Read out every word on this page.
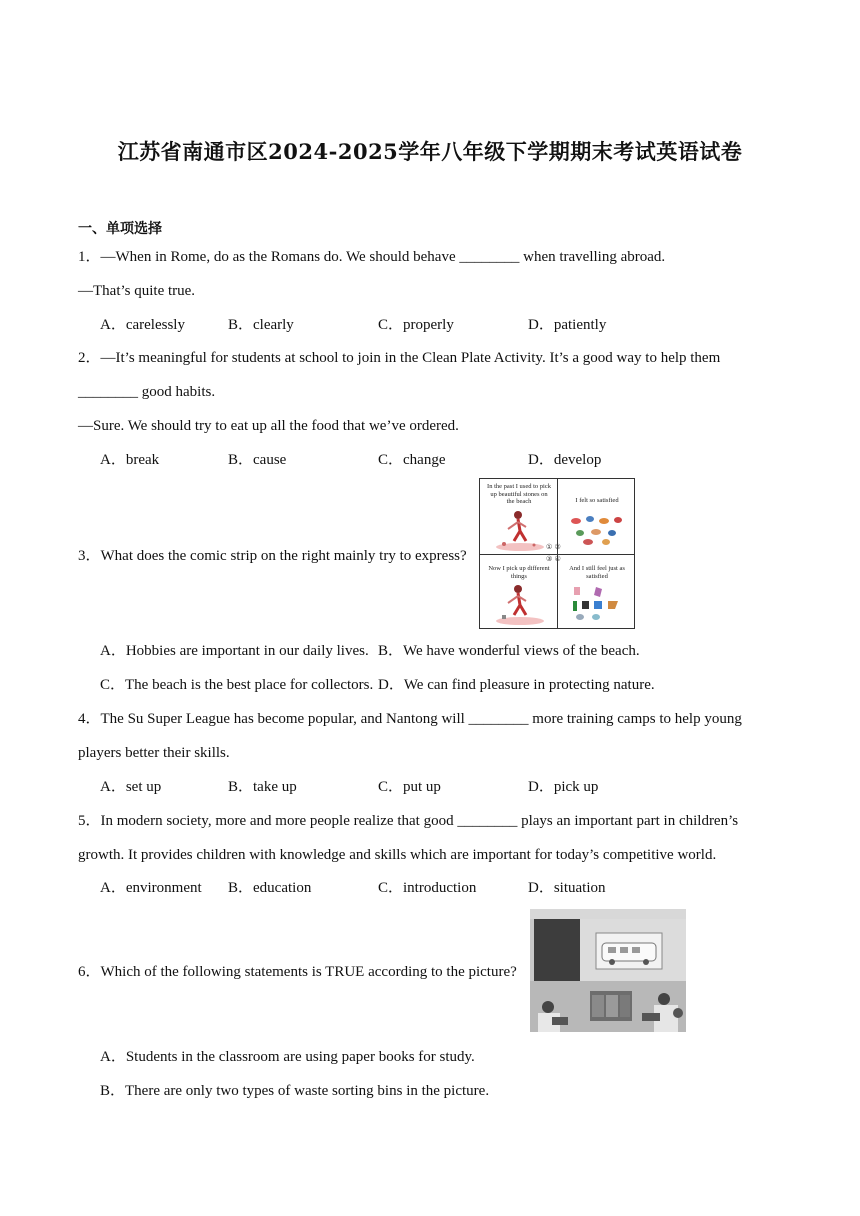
江苏省南通市区2024-2025学年八年级下学期期末考试英语试卷
一、单项选择
1．—When in Rome, do as the Romans do. We should behave ________ when travelling abroad.
—That’s quite true.
A．carelessly	B．clearly	C．properly	D．patiently
2．—It’s meaningful for students at school to join in the Clean Plate Activity. It’s a good way to help them
________ good habits.
—Sure. We should try to eat up all the food that we’ve ordered.
A．break	B．cause	C．change	D．develop
3．What does the comic strip on the right mainly try to express?
In the past I used to pick up beautiful stones on the beach	I felt so satisfied
Now I pick up different things
And I still feel just as satisfied
① ②
③ ④
A．Hobbies are important in our daily lives. B．We have wonderful views of the beach.
C．The beach is the best place for collectors. D．We can find pleasure in protecting nature.
4．The Su Super League has become popular, and Nantong will ________ more training camps to help young
players better their skills.
A．set up	B．take up	C．put up	D．pick up
5．In modern society, more and more people realize that good ________ plays an important part in children’s
growth. It provides children with knowledge and skills which are important for today’s competitive world.
A．environment B．education	C．introduction	D．situation
6．Which of the following statements is TRUE according to the picture?
A．Students in the classroom are using paper books for study.
B．There are only two types of waste sorting bins in the picture.
